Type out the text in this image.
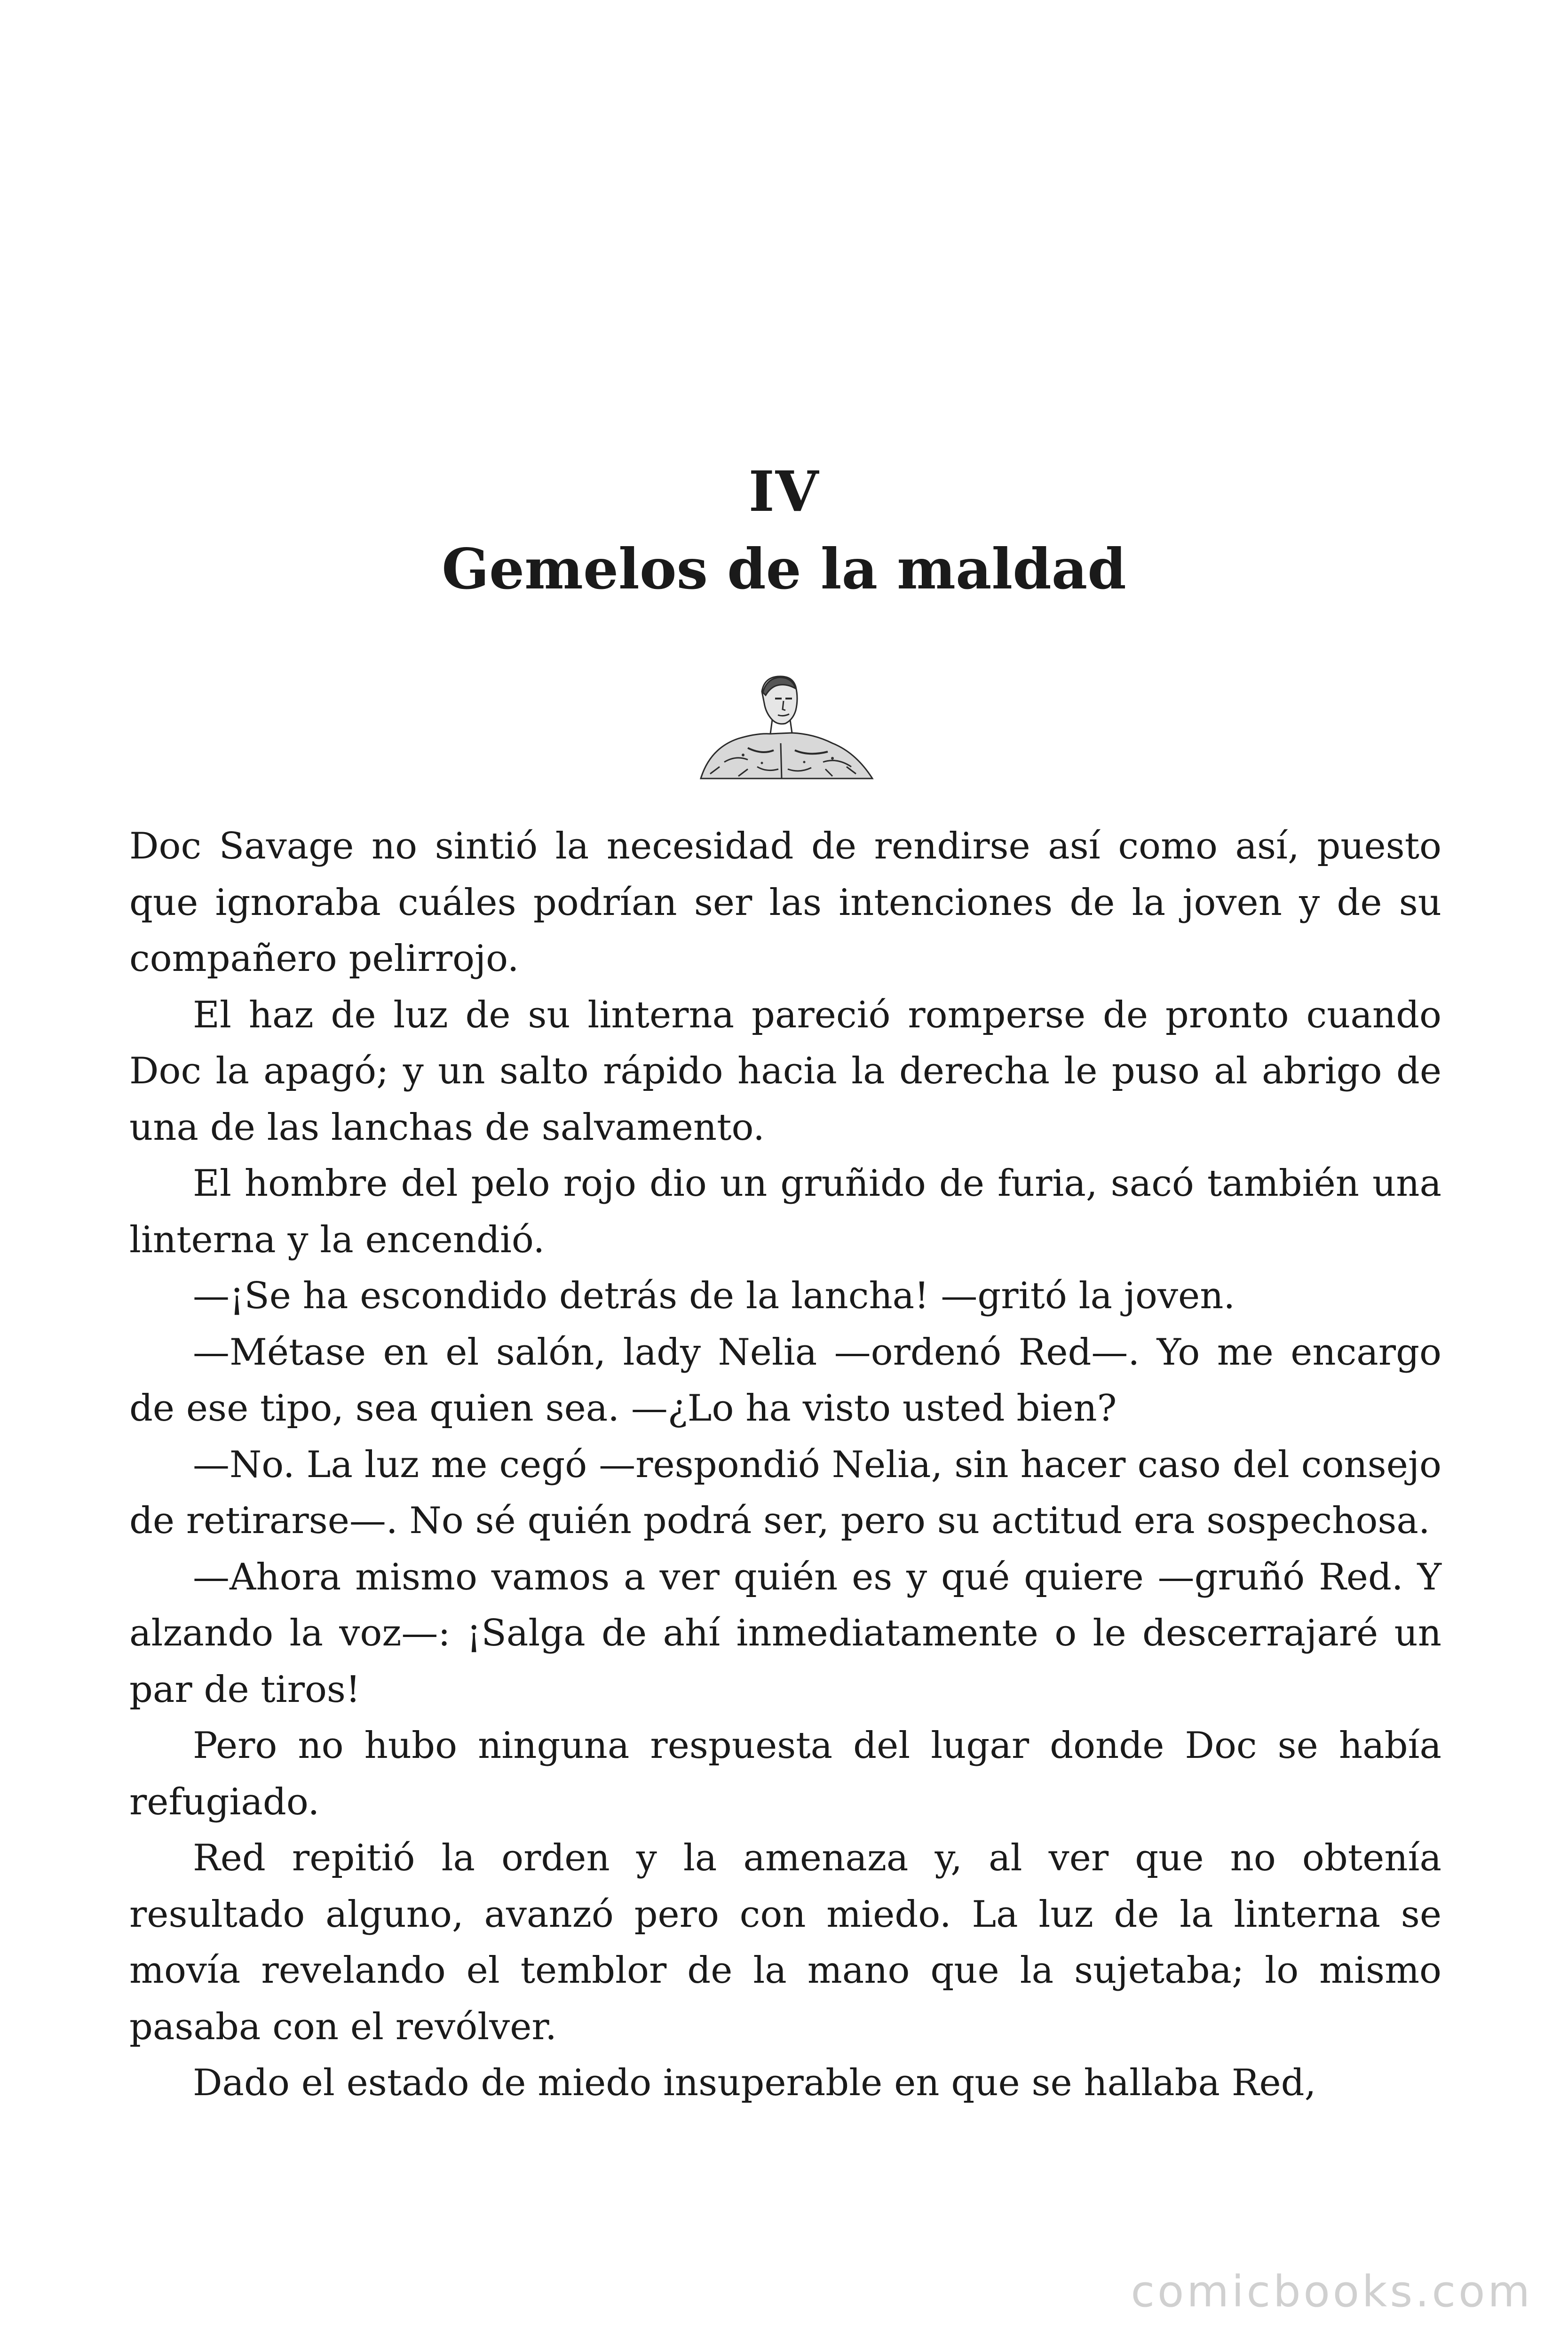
IV
Gemelos de la maldad

Doc Savage no sintió la necesidad de rendirse así como así, puesto que ignoraba cuáles podrían ser las intenciones de la joven y de su compañero pelirrojo.

El haz de luz de su linterna pareció romperse de pronto cuando Doc la apagó; y un salto rápido hacia la derecha le puso al abrigo de una de las lanchas de salvamento.

El hombre del pelo rojo dio un gruñido de furia, sacó también una linterna y la encendió.

—¡Se ha escondido detrás de la lancha! —gritó la joven.

—Métase en el salón, lady Nelia —ordenó Red—. Yo me encargo de ese tipo, sea quien sea. —¿Lo ha visto usted bien?

—No. La luz me cegó —respondió Nelia, sin hacer caso del consejo de retirarse—. No sé quién podrá ser, pero su actitud era sospechosa.

—Ahora mismo vamos a ver quién es y qué quiere —gruñó Red. Y alzando la voz—: ¡Salga de ahí inmediatamente o le descerrajaré un par de tiros!

Pero no hubo ninguna respuesta del lugar donde Doc se había refugiado.

Red repitió la orden y la amenaza y, al ver que no obtenía resultado alguno, avanzó pero con miedo. La luz de la linterna se movía revelando el temblor de la mano que la sujetaba; lo mismo pasaba con el revólver.

Dado el estado de miedo insuperable en que se hallaba Red,

comicbooks.com
